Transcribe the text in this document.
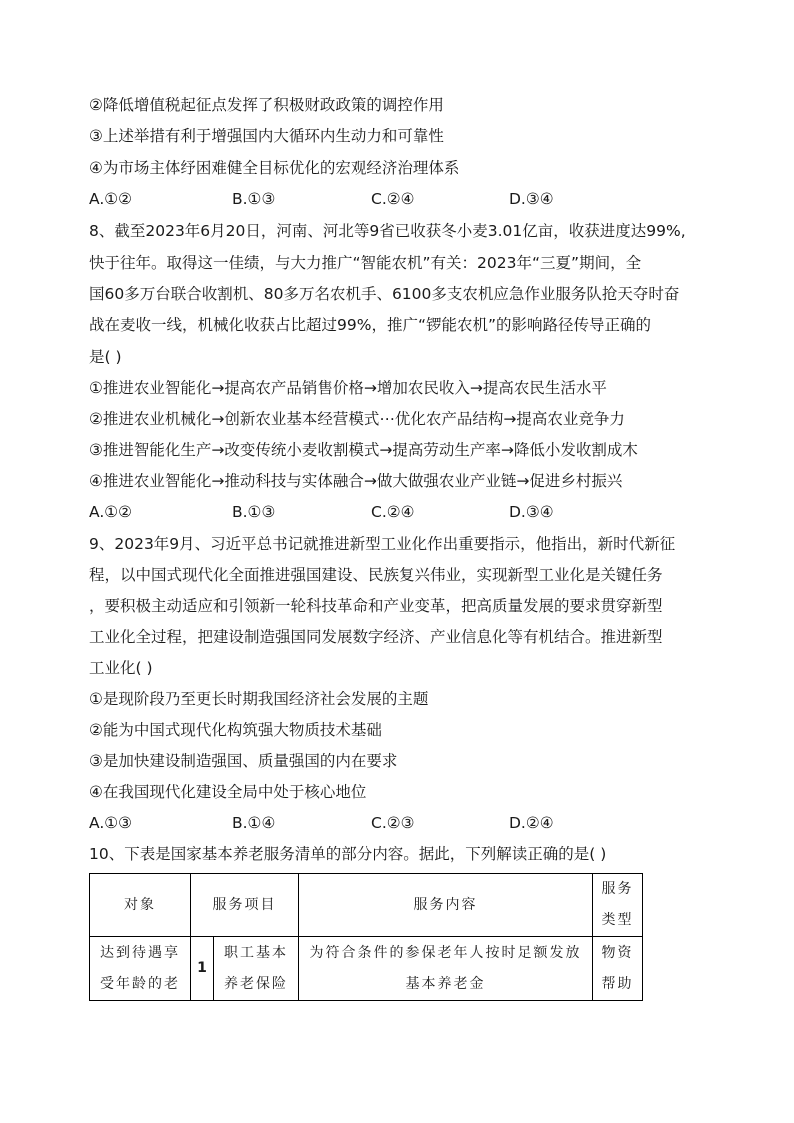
②降低增值税起征点发挥了积极财政政策的调控作用
③上述举措有利于增强国内大循环内生动力和可靠性
④为市场主体纾困难健全目标优化的宏观经济治理体系
A.①②	B.①③	C.②④	D.③④
8、截至2023年6月20日，河南、河北等9省已收获冬小麦3.01亿亩，收获进度达99%,
快于往年。取得这一佳绩，与大力推广“智能农机”有关：2023年“三夏”期间，全
国60多万台联合收割机、80多万名农机手、6100多支农机应急作业服务队抢天夺时奋
战在麦收一线，机械化收获占比超过99%，推广“锣能农机”的影响路径传导正确的
是( )
①推进农业智能化→提高农产品销售价格→增加农民收入→提高农民生活水平
②推进农业机械化→创新农业基本经营模式⋯优化农产品结构→提高农业竞争力
③推进智能化生产→改变传统小麦收割模式→提高劳动生产率→降低小发收割成木
④推进农业智能化→推动科技与实体融合→做大做强农业产业链→促进乡村振兴
A.①②	B.①③	C.②④	D.③④
9、2023年9月、习近平总书记就推进新型工业化作出重要指示，他指出，新时代新征
程，以中国式现代化全面推进强国建设、民族复兴伟业，实现新型工业化是关键任务
，要积极主动适应和引领新一轮科技革命和产业变革，把高质量发展的要求贯穿新型
工业化全过程，把建设制造强国同发展数字经济、产业信息化等有机结合。推进新型
工业化( )
①是现阶段乃至更长时期我国经济社会发展的主题
②能为中国式现代化构筑强大物质技术基础
③是加快建设制造强国、质量强国的内在要求
④在我国现代化建设全局中处于核心地位
A.①③	B.①④	C.②③	D.②④
10、下表是国家基本养老服务清单的部分内容。据此，下列解读正确的是( )
对象	服务项目		服务内容	服务类型
达到待遇享受年龄的老	1	职工基本养老保险	为符合条件的参保老年人按时足额发放基本养老金	物资帮助
